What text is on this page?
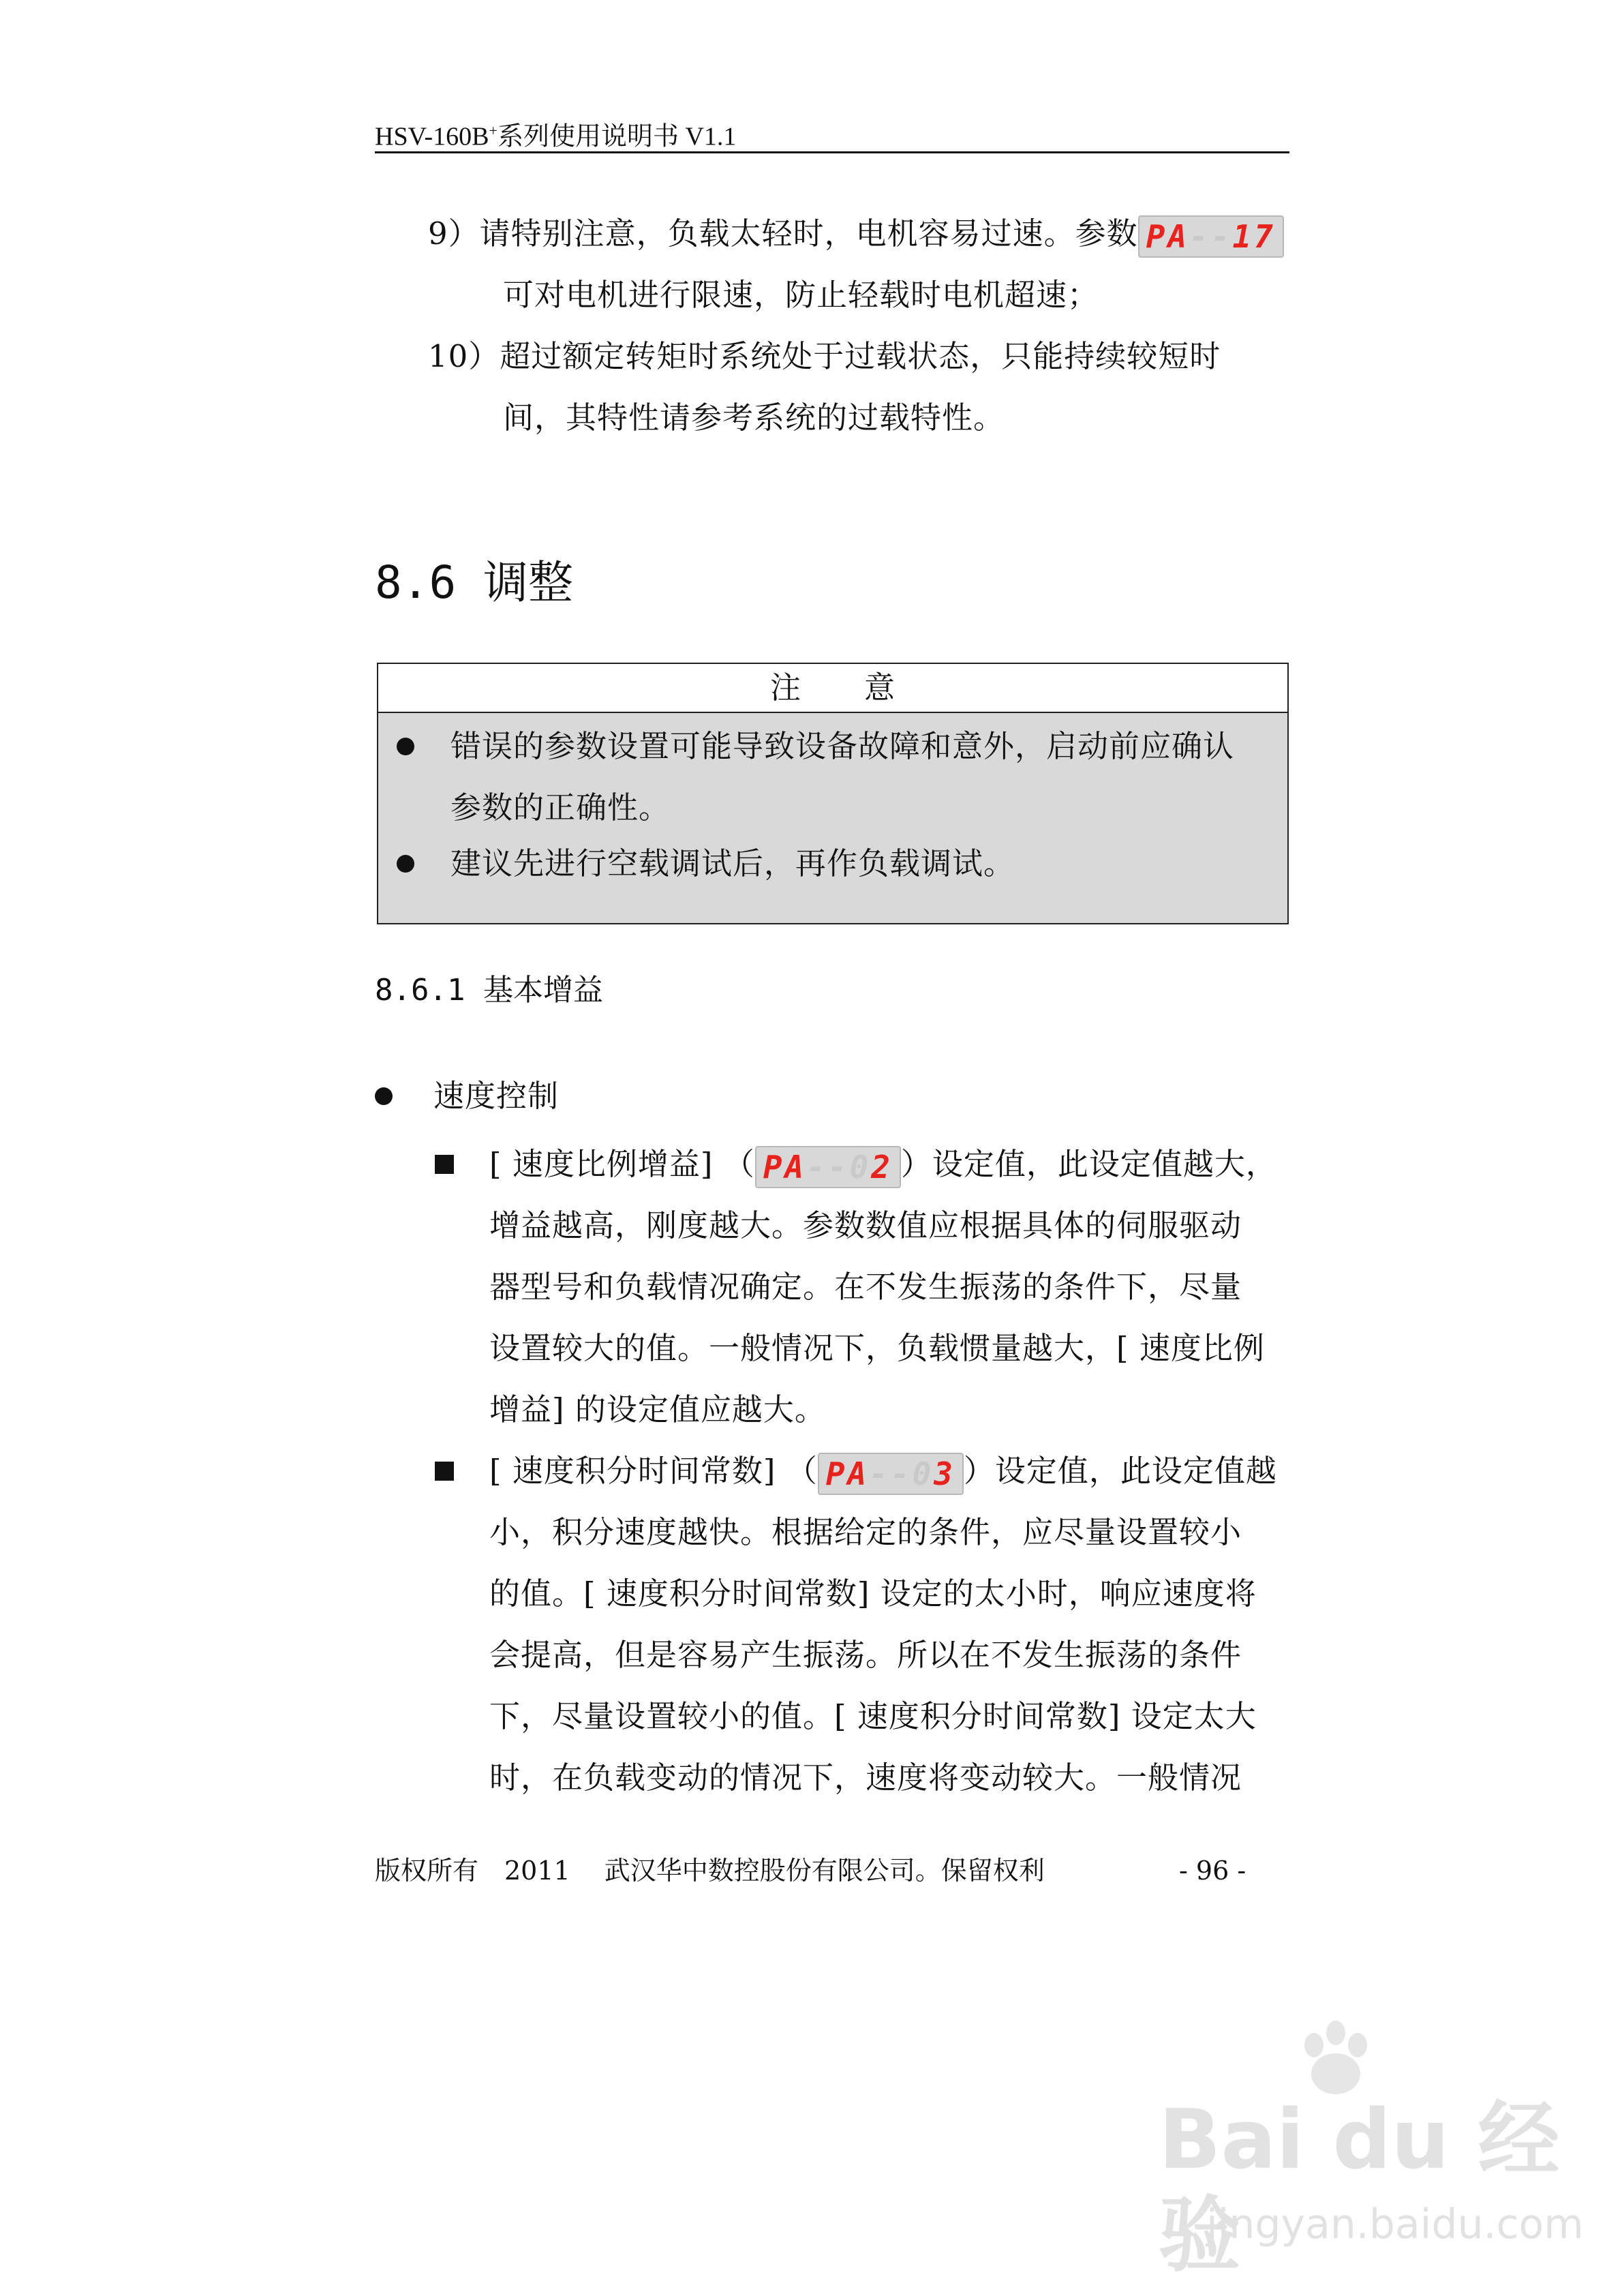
HSV-160B+系列使用说明书 V1.1
9）请特别注意，负载太轻时，电机容易过速。参数 PA--17
可对电机进行限速，防止轻载时电机超速；
10）超过额定转矩时系统处于过载状态，只能持续较短时
间，其特性请参考系统的过载特性。
8.6 调整
注　　意
错误的参数设置可能导致设备故障和意外，启动前应确认
参数的正确性。
建议先进行空载调试后，再作负载调试。
8.6.1 基本增益
速度控制
[ 速度比例增益] （ PA--02 ）设定值，此设定值越大，
增益越高，刚度越大。参数数值应根据具体的伺服驱动
器型号和负载情况确定。在不发生振荡的条件下，尽量
设置较大的值。一般情况下，负载惯量越大，[ 速度比例
增益] 的设定值应越大。
[ 速度积分时间常数] （ PA--03 ）设定值，此设定值越
小，积分速度越快。根据给定的条件，应尽量设置较小
的值。[ 速度积分时间常数] 设定的太小时，响应速度将
会提高，但是容易产生振荡。所以在不发生振荡的条件
下，尽量设置较小的值。[ 速度积分时间常数] 设定太大
时，在负载变动的情况下，速度将变动较大。一般情况
版权所有　2011　 武汉华中数控股份有限公司。保留权利	- 96 -
Bai du 经验
jingyan.baidu.com
